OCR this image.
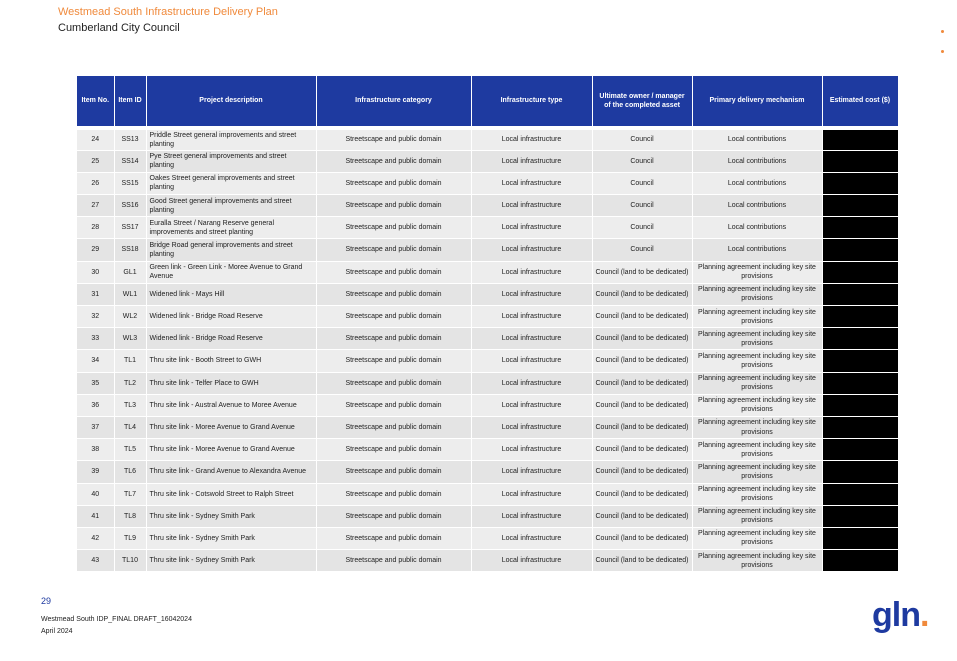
Westmead South Infrastructure Delivery Plan
Cumberland City Council
Item No.	Item ID	Project description	Infrastructure category	Infrastructure type	Ultimate owner / manager of the completed asset	Primary delivery mechanism	Estimated cost ($)
24	SS13	Priddle Street general improvements and street planting	Streetscape and public domain	Local infrastructure	Council	Local contributions	
25	SS14	Pye Street general improvements and street planting	Streetscape and public domain	Local infrastructure	Council	Local contributions	
26	SS15	Oakes Street general improvements and street planting	Streetscape and public domain	Local infrastructure	Council	Local contributions	
27	SS16	Good Street general improvements and street planting	Streetscape and public domain	Local infrastructure	Council	Local contributions	
28	SS17	Euralla Street / Narang Reserve general improvements and street planting	Streetscape and public domain	Local infrastructure	Council	Local contributions	
29	SS18	Bridge Road general improvements and street planting	Streetscape and public domain	Local infrastructure	Council	Local contributions	
30	GL1	Green link - Green Link - Moree Avenue to Grand Avenue	Streetscape and public domain	Local infrastructure	Council (land to be dedicated)	Planning agreement including key site provisions	
31	WL1	Widened link - Mays Hill	Streetscape and public domain	Local infrastructure	Council (land to be dedicated)	Planning agreement including key site provisions	
32	WL2	Widened link - Bridge Road Reserve	Streetscape and public domain	Local infrastructure	Council (land to be dedicated)	Planning agreement including key site provisions	
33	WL3	Widened link - Bridge Road Reserve	Streetscape and public domain	Local infrastructure	Council (land to be dedicated)	Planning agreement including key site provisions	
34	TL1	Thru site link - Booth Street to GWH	Streetscape and public domain	Local infrastructure	Council (land to be dedicated)	Planning agreement including key site provisions	
35	TL2	Thru site link - Telfer Place to GWH	Streetscape and public domain	Local infrastructure	Council (land to be dedicated)	Planning agreement including key site provisions	
36	TL3	Thru site link - Austral Avenue to Moree Avenue	Streetscape and public domain	Local infrastructure	Council (land to be dedicated)	Planning agreement including key site provisions	
37	TL4	Thru site link - Moree Avenue to Grand Avenue	Streetscape and public domain	Local infrastructure	Council (land to be dedicated)	Planning agreement including key site provisions	
38	TL5	Thru site link - Moree Avenue to Grand Avenue	Streetscape and public domain	Local infrastructure	Council (land to be dedicated)	Planning agreement including key site provisions	
39	TL6	Thru site link - Grand Avenue to Alexandra Avenue	Streetscape and public domain	Local infrastructure	Council (land to be dedicated)	Planning agreement including key site provisions	
40	TL7	Thru site link - Cotswold Street to Ralph Street	Streetscape and public domain	Local infrastructure	Council (land to be dedicated)	Planning agreement including key site provisions	
41	TL8	Thru site link - Sydney Smith Park	Streetscape and public domain	Local infrastructure	Council (land to be dedicated)	Planning agreement including key site provisions	
42	TL9	Thru site link - Sydney Smith Park	Streetscape and public domain	Local infrastructure	Council (land to be dedicated)	Planning agreement including key site provisions	
43	TL10	Thru site link - Sydney Smith Park	Streetscape and public domain	Local infrastructure	Council (land to be dedicated)	Planning agreement including key site provisions	
29
Westmead South IDP_FINAL DRAFT_16042024
April 2024	gln.
